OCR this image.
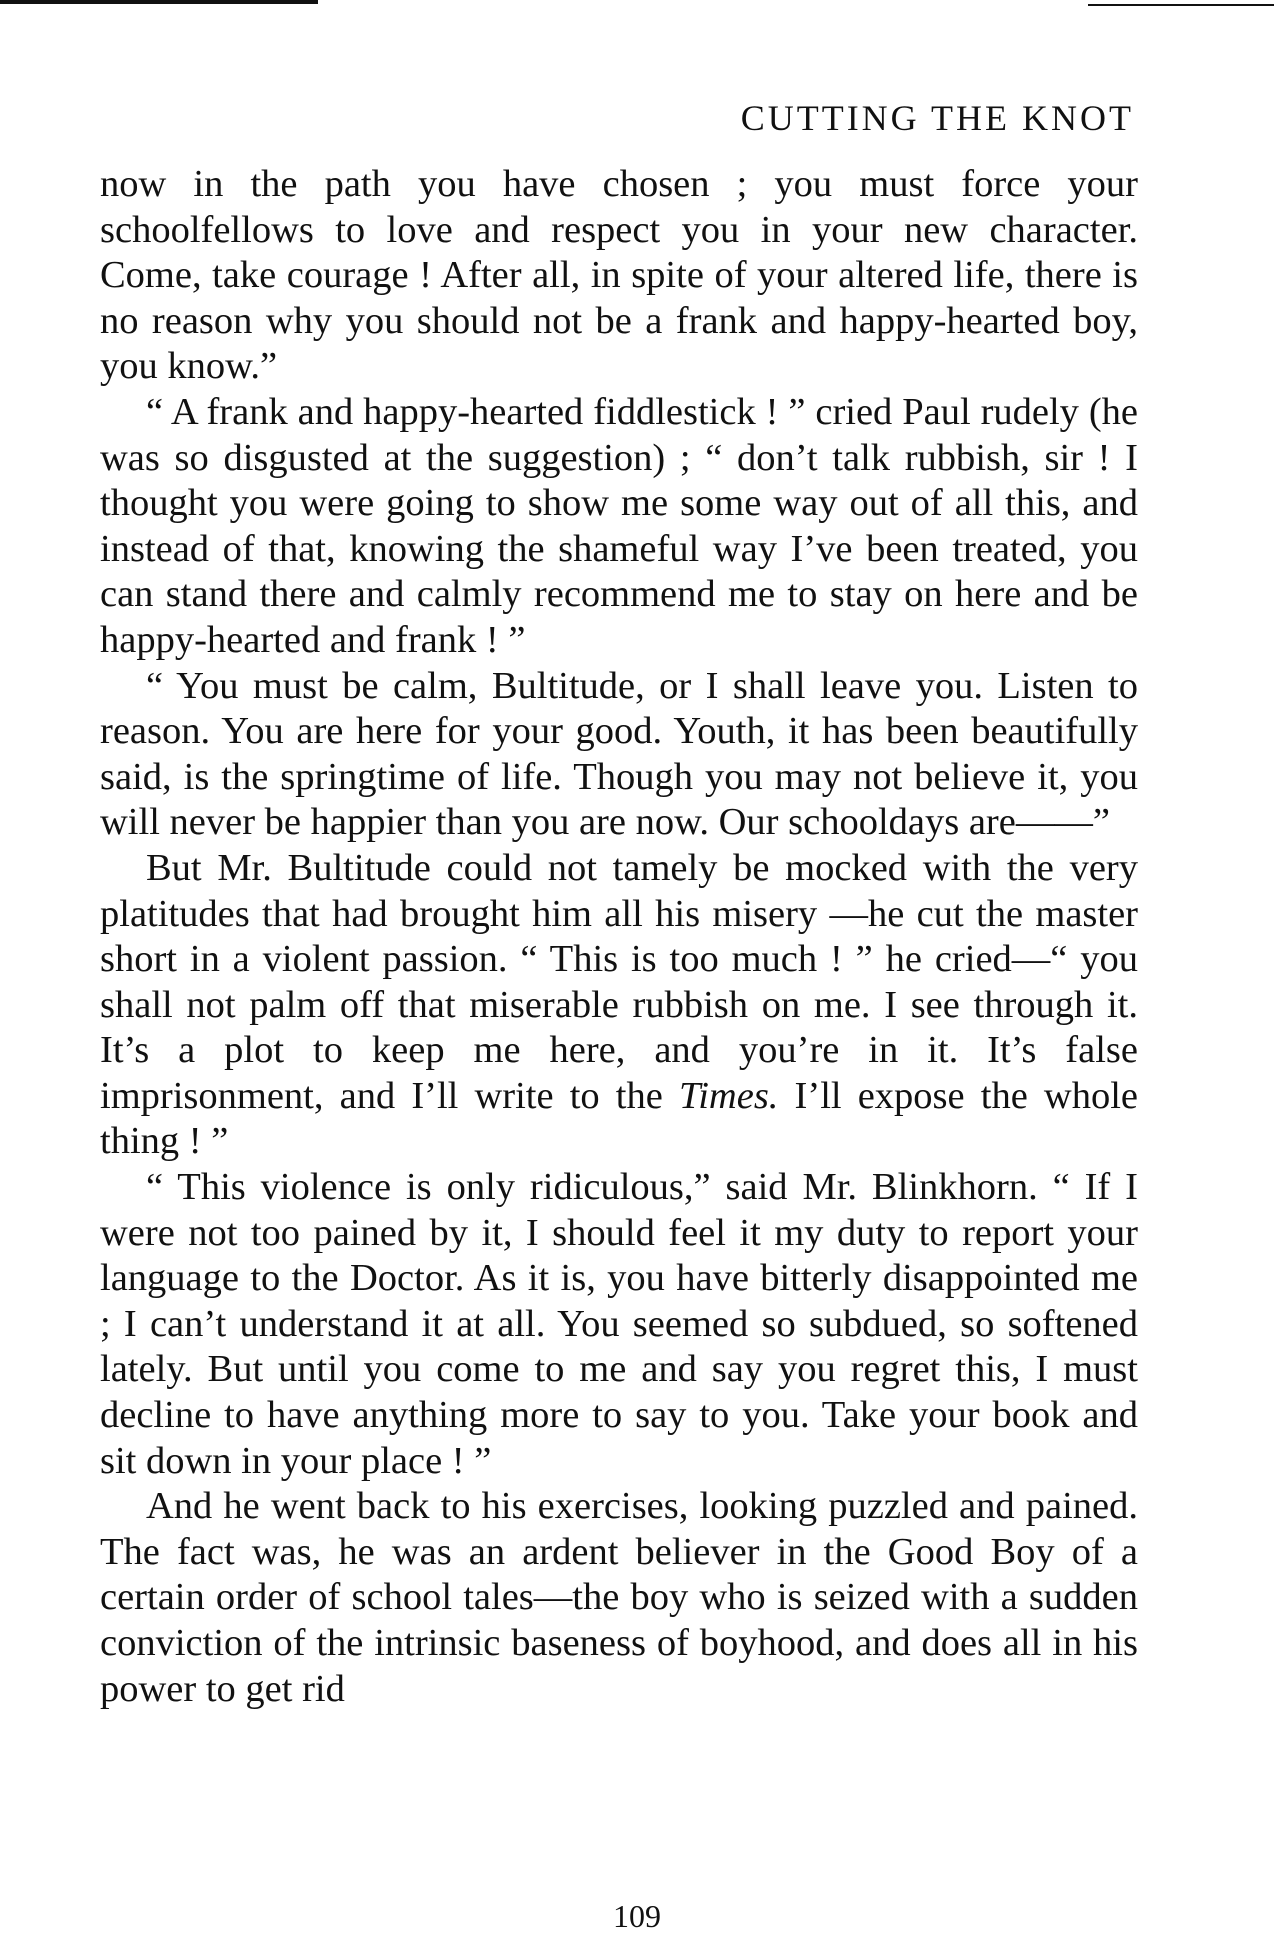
CUTTING THE KNOT

now in the path you have chosen ; you must force your schoolfellows to love and respect you in your new character. Come, take courage ! After all, in spite of your altered life, there is no reason why you should not be a frank and happy-hearted boy, you know.”

“ A frank and happy-hearted fiddlestick ! ” cried Paul rudely (he was so disgusted at the suggestion) ; “ don’t talk rubbish, sir ! I thought you were going to show me some way out of all this, and instead of that, knowing the shameful way I’ve been treated, you can stand there and calmly recommend me to stay on here and be happy-hearted and frank ! ”

“ You must be calm, Bultitude, or I shall leave you. Listen to reason. You are here for your good. Youth, it has been beautifully said, is the springtime of life. Though you may not believe it, you will never be happier than you are now. Our schooldays are——”

But Mr. Bultitude could not tamely be mocked with the very platitudes that had brought him all his misery —he cut the master short in a violent passion. “ This is too much ! ” he cried—“ you shall not palm off that miserable rubbish on me. I see through it. It’s a plot to keep me here, and you’re in it. It’s false imprisonment, and I’ll write to the Times. I’ll expose the whole thing ! ”

“ This violence is only ridiculous,” said Mr. Blinkhorn. “ If I were not too pained by it, I should feel it my duty to report your language to the Doctor. As it is, you have bitterly disappointed me ; I can’t understand it at all. You seemed so subdued, so softened lately. But until you come to me and say you regret this, I must decline to have anything more to say to you. Take your book and sit down in your place ! ”

And he went back to his exercises, looking puzzled and pained. The fact was, he was an ardent believer in the Good Boy of a certain order of school tales—the boy who is seized with a sudden conviction of the intrinsic baseness of boyhood, and does all in his power to get rid

109
